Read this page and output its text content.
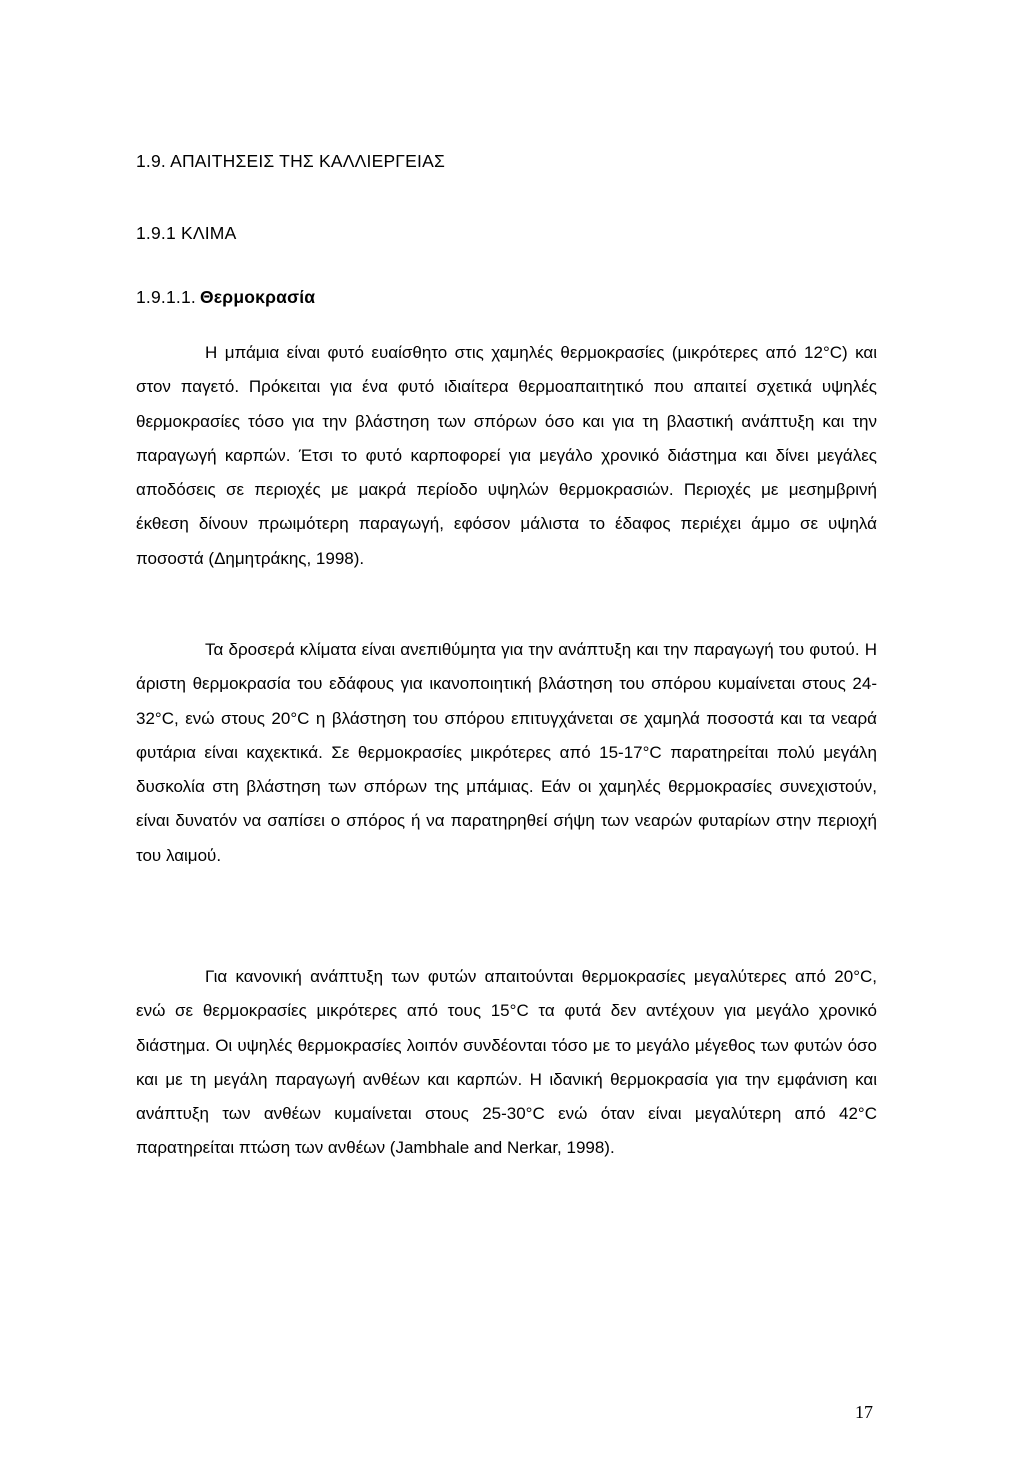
1.9. ΑΠΑΙΤΗΣΕΙΣ ΤΗΣ ΚΑΛΛΙΕΡΓΕΙΑΣ
1.9.1 ΚΛΙΜΑ
1.9.1.1. Θερμοκρασία

Η μπάμια είναι φυτό ευαίσθητο στις χαμηλές θερμοκρασίες (μικρότερες από 12°C) και στον παγετό. Πρόκειται για ένα φυτό ιδιαίτερα θερμοαπαιτητικό που απαιτεί σχετικά υψηλές θερμοκρασίες τόσο για την βλάστηση των σπόρων όσο και για τη βλαστική ανάπτυξη και την παραγωγή καρπών. Έτσι το φυτό καρποφορεί για μεγάλο χρονικό διάστημα και δίνει μεγάλες αποδόσεις σε περιοχές με μακρά περίοδο υψηλών θερμοκρασιών. Περιοχές με μεσημβρινή έκθεση δίνουν πρωιμότερη παραγωγή, εφόσον μάλιστα το έδαφος περιέχει άμμο σε υψηλά ποσοστά (Δημητράκης, 1998).

Τα δροσερά κλίματα είναι ανεπιθύμητα για την ανάπτυξη και την παραγωγή του φυτού. Η άριστη θερμοκρασία του εδάφους για ικανοποιητική βλάστηση του σπόρου κυμαίνεται στους 24-32°C, ενώ στους 20°C η βλάστηση του σπόρου επιτυγχάνεται σε χαμηλά ποσοστά και τα νεαρά φυτάρια είναι καχεκτικά. Σε θερμοκρασίες μικρότερες από 15-17°C παρατηρείται πολύ μεγάλη δυσκολία στη βλάστηση των σπόρων της μπάμιας. Εάν οι χαμηλές θερμοκρασίες συνεχιστούν, είναι δυνατόν να σαπίσει ο σπόρος ή να παρατηρηθεί σήψη των νεαρών φυταρίων στην περιοχή του λαιμού.

Για κανονική ανάπτυξη των φυτών απαιτούνται θερμοκρασίες μεγαλύτερες από 20°C, ενώ σε θερμοκρασίες μικρότερες από τους 15°C τα φυτά δεν αντέχουν για μεγάλο χρονικό διάστημα. Οι υψηλές θερμοκρασίες λοιπόν συνδέονται τόσο με το μεγάλο μέγεθος των φυτών όσο και με τη μεγάλη παραγωγή ανθέων και καρπών. Η ιδανική θερμοκρασία για την εμφάνιση και ανάπτυξη των ανθέων κυμαίνεται στους 25-30°C ενώ όταν είναι μεγαλύτερη από 42°C παρατηρείται πτώση των ανθέων (Jambhale and Nerkar, 1998).

17
